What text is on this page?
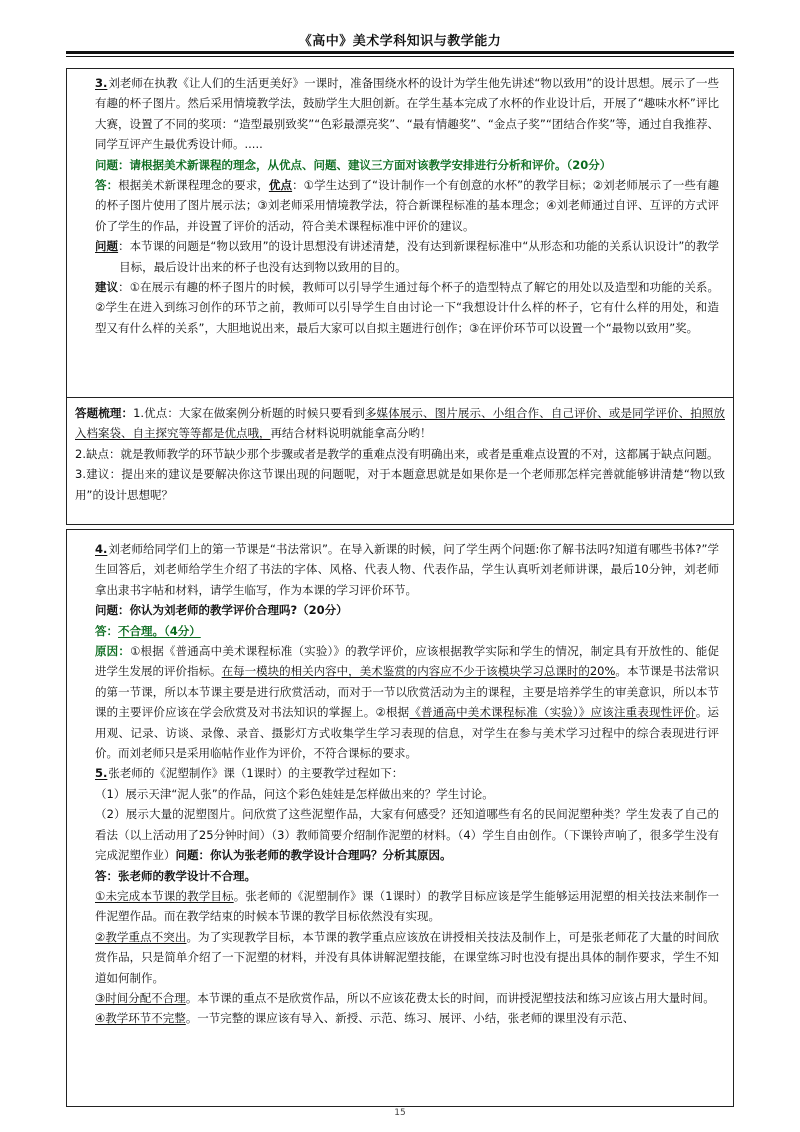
《高中》美术学科知识与教学能力

3.刘老师在执教《让人们的生活更美好》一课时，准备围绕水杯的设计为学生他先讲述“物以致用”的设计思想。展示了一些有趣的杯子图片。然后采用情境教学法，鼓励学生大胆创新。在学生基本完成了水杯的作业设计后，开展了“趣味水杯”评比大赛，设置了不同的奖项：“造型最别致奖”“色彩最漂亮奖”、“最有情趣奖”、“金点子奖”“团结合作奖”等，通过自我推荐、同学互评产生最优秀设计师。.....

问题：请根据美术新课程的理念，从优点、问题、建议三方面对该教学安排进行分析和评价。（20分）

答：根据美术新课程理念的要求，优点：①学生达到了“设计制作一个有创意的水杯”的教学目标；②刘老师展示了一些有趣的杯子图片使用了图片展示法；③刘老师采用情境教学法，符合新课程标准的基本理念；④刘老师通过自评、互评的方式评价了学生的作品，并设置了评价的活动，符合美术课程标准中评价的建议。

问题：本节课的问题是“物以致用”的设计思想没有讲述清楚，没有达到新课程标准中“从形态和功能的关系认识设计”的教学目标，最后设计出来的杯子也没有达到物以致用的目的。

建议：①在展示有趣的杯子图片的时候，教师可以引导学生通过每个杯子的造型特点了解它的用处以及造型和功能的关系。②学生在进入到练习创作的环节之前，教师可以引导学生自由讨论一下“我想设计什么样的杯子，它有什么样的用处，和造型又有什么样的关系”，大胆地说出来，最后大家可以自拟主题进行创作；③在评价环节可以设置一个“最物以致用”奖。

答题梳理：1.优点：大家在做案例分析题的时候只要看到多媒体展示、图片展示、小组合作、自己评价、或是同学评价、拍照放入档案袋、自主探究等等都是优点哦，再结合材料说明就能拿高分哟！

2.缺点：就是教师教学的环节缺少那个步骤或者是教学的重难点没有明确出来，或者是重难点设置的不对，这都属于缺点问题。

3.建议：提出来的建议是要解决你这节课出现的问题呢，对于本题意思就是如果你是一个老师那怎样完善就能够讲清楚“物以致用”的设计思想呢？

4.刘老师给同学们上的第一节课是“书法常识”。在导入新课的时候，问了学生两个问题:你了解书法吗?知道有哪些书体?”学生回答后，刘老师给学生介绍了书法的字体、风格、代表人物、代表作品，学生认真听刘老师讲课，最后10分钟，刘老师拿出隶书字帖和材料，请学生临写，作为本课的学习评价环节。

问题：你认为刘老师的教学评价合理吗?（20分）

答：不合理。（4分）

原因：①根据《普通高中美术课程标准（实验）》的教学评价，应该根据教学实际和学生的情况，制定具有开放性的、能促进学生发展的评价指标。在每一模块的相关内容中，美术鉴赏的内容应不少于该模块学习总课时的20%。本节课是书法常识的第一节课，所以本节课主要是进行欣赏活动，而对于一节以欣赏活动为主的课程，主要是培养学生的审美意识，所以本节课的主要评价应该在学会欣赏及对书法知识的掌握上。②根据《普通高中美术课程标准（实验）》应该注重表现性评价。运用观、记录、访谈、录像、录音、摄影灯方式收集学生学习表现的信息，对学生在参与美术学习过程中的综合表现进行评价。而刘老师只是采用临帖作业作为评价，不符合课标的要求。

5.张老师的《泥塑制作》课（1课时）的主要教学过程如下：

（1）展示天津“泥人张”的作品，问这个彩色娃娃是怎样做出来的？学生讨论。

（2）展示大量的泥塑图片。问欣赏了这些泥塑作品，大家有何感受？还知道哪些有名的民间泥塑种类？学生发表了自己的看法（以上活动用了25分钟时间）（3）教师简要介绍制作泥塑的材料。（4）学生自由创作。（下课铃声响了，很多学生没有完成泥塑作业）问题：你认为张老师的教学设计合理吗？分析其原因。

答：张老师的教学设计不合理。

①未完成本节课的教学目标。张老师的《泥塑制作》课（1课时）的教学目标应该是学生能够运用泥塑的相关技法来制作一件泥塑作品。而在教学结束的时候本节课的教学目标依然没有实现。

②教学重点不突出。为了实现教学目标，本节课的教学重点应该放在讲授相关技法及制作上，可是张老师花了大量的时间欣赏作品，只是简单介绍了一下泥塑的材料，并没有具体讲解泥塑技能，在课堂练习时也没有提出具体的制作要求，学生不知道如何制作。

③时间分配不合理。本节课的重点不是欣赏作品，所以不应该花费太长的时间，而讲授泥塑技法和练习应该占用大量时间。

④教学环节不完整。一节完整的课应该有导入、新授、示范、练习、展评、小结，张老师的课里没有示范、

15
